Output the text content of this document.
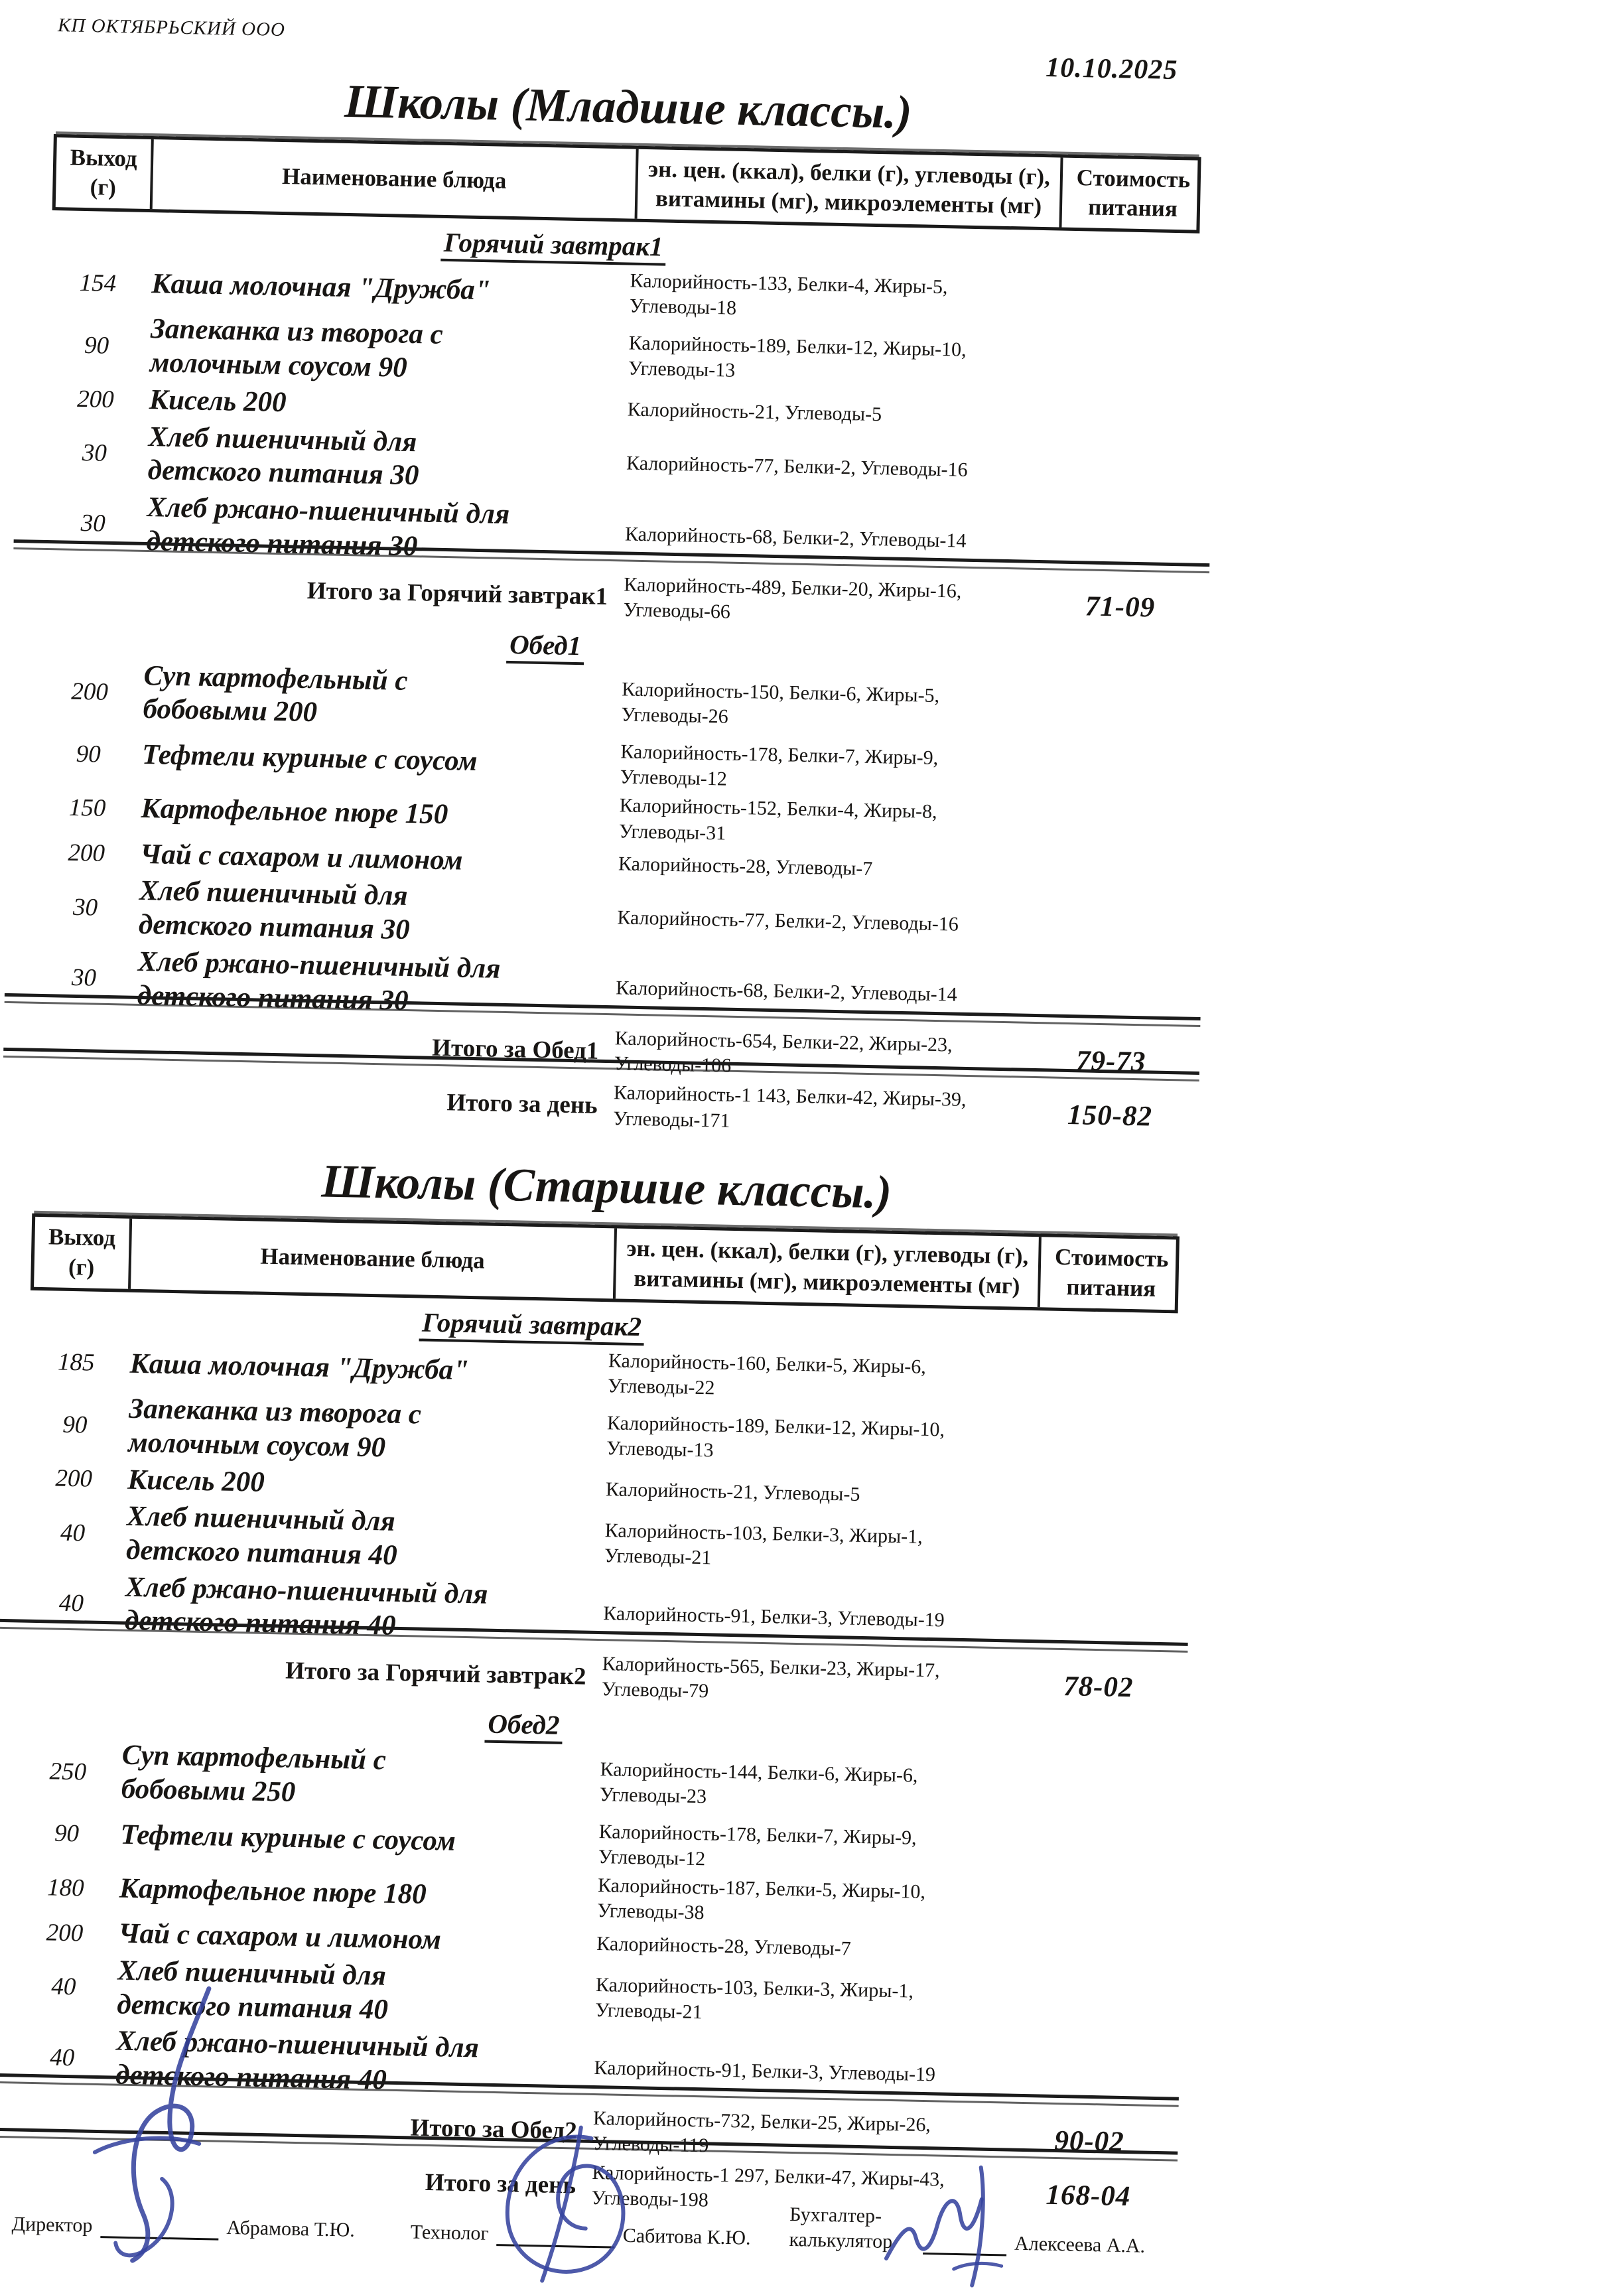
КП ОКТЯБРЬСКИЙ ООО
10.10.2025
Школы (Младшие классы.)
Выход (г)	Наименование блюда	эн. цен. (ккал), белки (г), углеводы (г), витамины (мг), микроэлементы (мг)
Стоимость питания
Горячий завтрак1
154	Каша молочная "Дружба"	Калорийность-133, Белки-4, Жиры-5,
Углеводы-18
90	Запеканка из творога с
молочным соусом 90
Калорийность-189, Белки-12, Жиры-10,
Углеводы-13
200	Кисель 200	Калорийность-21, Углеводы-5
30	Хлеб пшеничный для
детского питания 30	Калорийность-77, Белки-2, Углеводы-16
30	Хлеб ржано-пшеничный для
детского питания 30	Калорийность-68, Белки-2, Углеводы-14
Итого за Горячий завтрак1 Калорийность-489, Белки-20, Жиры-16,
Углеводы-66	71-09
Обед1
200	Суп картофельный с
бобовыми 200
Калорийность-150, Белки-6, Жиры-5,
Углеводы-26
90	Тефтели куриные с соусом	Калорийность-178, Белки-7, Жиры-9,
Углеводы-12
150	Картофельное пюре 150	Калорийность-152, Белки-4, Жиры-8,
Углеводы-31
200	Чай с сахаром и лимоном	Калорийность-28, Углеводы-7
30	Хлеб пшеничный для
детского питания 30	Калорийность-77, Белки-2, Углеводы-16
30	Хлеб ржано-пшеничный для
детского питания 30	Калорийность-68, Белки-2, Углеводы-14
Итого за Обед1 Калорийность-654, Белки-22, Жиры-23,
Углеводы-106	79-73
Итого за день Калорийность-1 143, Белки-42, Жиры-39,
Углеводы-171	150-82
Школы (Старшие классы.)
Выход (г)	Наименование блюда	эн. цен. (ккал), белки (г), углеводы (г), витамины (мг), микроэлементы (мг)
Стоимость питания
Горячий завтрак2
185	Каша молочная "Дружба"	Калорийность-160, Белки-5, Жиры-6,
Углеводы-22
90	Запеканка из творога с
молочным соусом 90
Калорийность-189, Белки-12, Жиры-10,
Углеводы-13
200	Кисель 200	Калорийность-21, Углеводы-5
40	Хлеб пшеничный для
детского питания 40
Калорийность-103, Белки-3, Жиры-1,
Углеводы-21
40	Хлеб ржано-пшеничный для
детского питания 40	Калорийность-91, Белки-3, Углеводы-19
Итого за Горячий завтрак2 Калорийность-565, Белки-23, Жиры-17,
Углеводы-79	78-02
Обед2
250	Суп картофельный с
бобовыми 250
Калорийность-144, Белки-6, Жиры-6,
Углеводы-23
90	Тефтели куриные с соусом	Калорийность-178, Белки-7, Жиры-9,
Углеводы-12
180	Картофельное пюре 180	Калорийность-187, Белки-5, Жиры-10,
Углеводы-38
200	Чай с сахаром и лимоном	Калорийность-28, Углеводы-7
40	Хлеб пшеничный для
детского питания 40
Калорийность-103, Белки-3, Жиры-1,
Углеводы-21
40	Хлеб ржано-пшеничный для
детского питания 40	Калорийность-91, Белки-3, Углеводы-19
Итого за Обед2 Калорийность-732, Белки-25, Жиры-26,
Углеводы-119	90-02
Итого за день Калорийность-1 297, Белки-47, Жиры-43,
Углеводы-198	168-04
Директор	Абрамова Т.Ю.	Технолог	Сабитова К.Ю.
Бухгалтер-калькулятор	Алексеева А.А.
